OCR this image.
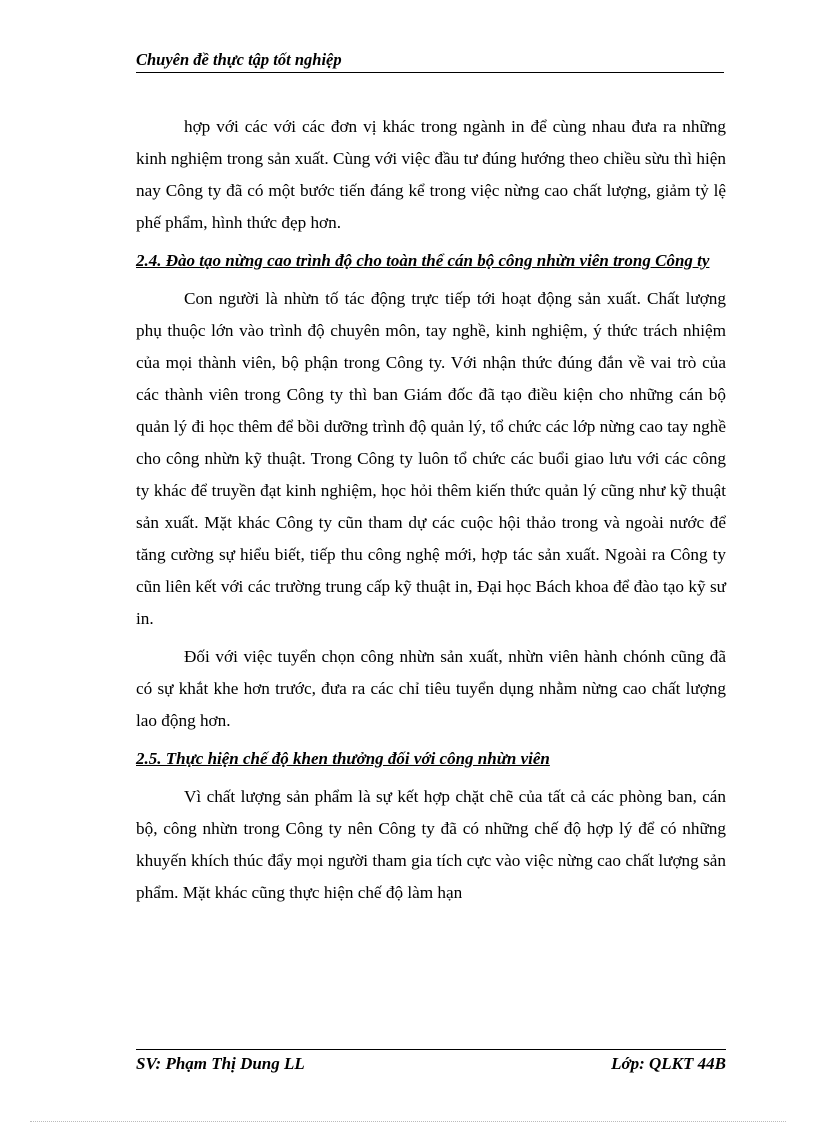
Chuyên đề thực tập tốt nghiệp

hợp với các với các đơn vị khác trong ngành in để cùng nhau đưa ra những kinh nghiệm trong sản xuất. Cùng với việc đầu tư đúng hướng theo chiều sừu thì hiện nay Công ty đã có một bước tiến đáng kể trong việc nừng cao chất lượng, giảm tỷ lệ phế phẩm, hình thức đẹp hơn.

2.4. Đào tạo nừng cao trình độ cho toàn thể cán bộ công nhừn viên trong Công ty

Con người là nhừn tố tác động trực tiếp tới hoạt động sản xuất. Chất lượng phụ thuộc lớn vào trình độ chuyên môn, tay nghề, kinh nghiệm, ý thức trách nhiệm của mọi thành viên, bộ phận trong Công ty. Với nhận thức đúng đắn về vai trò của các thành viên trong Công ty thì ban Giám đốc đã tạo điều kiện cho những cán bộ quản lý đi học thêm để bồi dưỡng trình độ quản lý, tổ chức các lớp nừng cao tay nghề cho công nhừn kỹ thuật. Trong Công ty luôn tổ chức các buổi giao lưu với các công ty khác để truyền đạt kinh nghiệm, học hỏi thêm kiến thức quản lý cũng như kỹ thuật sản xuất. Mặt khác Công ty cũn tham dự các cuộc hội thảo trong và ngoài nước để tăng cường sự hiểu biết, tiếp thu công nghệ mới, hợp tác sản xuất. Ngoài ra Công ty cũn liên kết với các trường trung cấp kỹ thuật in, Đại học Bách khoa để đào tạo kỹ sư in.

Đối với việc tuyển chọn công nhừn sản xuất, nhừn viên hành chónh cũng đã có sự khắt khe hơn trước, đưa ra các chỉ tiêu tuyển dụng nhằm nừng cao chất lượng lao động hơn.

2.5. Thực hiện chế độ khen thưởng đối với công nhừn viên

Vì chất lượng sản phẩm là sự kết hợp chặt chẽ của tất cả các phòng ban, cán bộ, công nhừn trong Công ty nên Công ty đã có những chế độ hợp lý để có những khuyến khích thúc đẩy mọi người tham gia tích cực vào việc nừng cao chất lượng sản phẩm. Mặt khác cũng thực hiện chế độ làm hạn

SV: Phạm Thị Dung LL	Lớp: QLKT 44B
